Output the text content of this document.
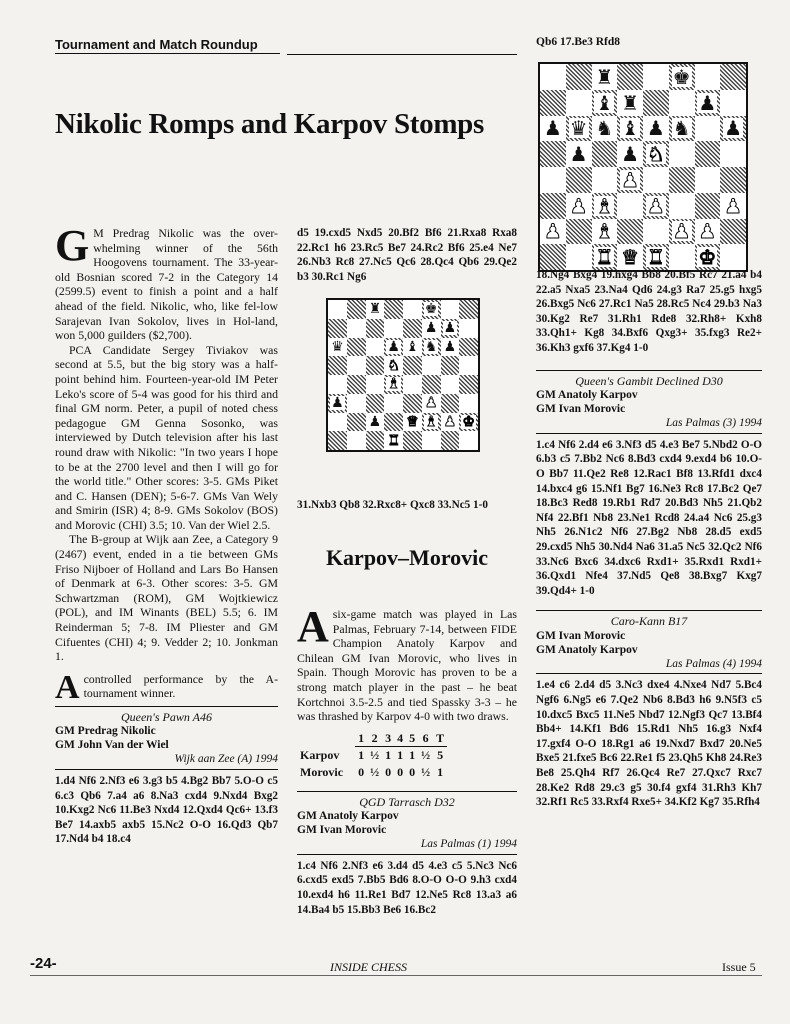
Tournament and Match Roundup	Qb6 17.Be3 Rfd8
Nikolic Romps and Karpov Stomps
G M Predrag Nikolic was the over-whelming winner of the 56th Hoogovens tournament. The 33-year-old Bosnian scored 7-2 in the Category 14 (2599.5) event to finish a point and a half ahead of the field. Nikolic, who, like fel-low Sarajevan Ivan Sokolov, lives in Hol-land, won 5,000 guilders ($2,700).

PCA Candidate Sergey Tiviakov was second at 5.5, but the big story was a half-point behind him. Fourteen-year-old IM Peter Leko's score of 5-4 was good for his third and final GM norm. Peter, a pupil of noted chess pedagogue GM Genna Sosonko, was interviewed by Dutch television after his last round draw with Nikolic: "In two years I hope to be at the 2700 level and then I will go for the world title." Other scores: 3-5. GMs Piket and C. Hansen (DEN); 5-6-7. GMs Van Wely and Smirin (ISR) 4; 8-9. GMs Sokolov (BOS) and Morovic (CHI) 3.5; 10. Van der Wiel 2.5.

The B-group at Wijk aan Zee, a Category 9 (2467) event, ended in a tie between GMs Friso Nijboer of Holland and Lars Bo Hansen of Denmark at 6-3. Other scores: 3-5. GM Schwartzman (ROM), GM Wojtkiewicz (POL), and IM Winants (BEL) 5.5; 6. IM Reinderman 5; 7-8. IM Pliester and GM Cifuentes (CHI) 4; 9. Vedder 2; 10. Jonkman 1.

A controlled performance by the A-tournament winner.

Queen's Pawn A46
GM Predrag Nikolic
GM John Van der Wiel
Wijk aan Zee (A) 1994

1.d4 Nf6 2.Nf3 e6 3.g3 b5 4.Bg2 Bb7 5.O-O c5 6.c3 Qb6 7.a4 a6 8.Na3 cxd4 9.Nxd4 Bxg2 10.Kxg2 Nc6 11.Be3 Nxd4 12.Qxd4 Qc6+ 13.f3 Be7 14.axb5 axb5 15.Nc2 O-O 16.Qd3 Qb7 17.Nd4 b4 18.c4

d5 19.cxd5 Nxd5 20.Bf2 Bf6 21.Rxa8 Rxa8 22.Rc1 h6 23.Rc5 Be7 24.Rc2 Bf6 25.e4 Ne7 26.Nb3 Rc8 27.Nc5 Qc6 28.Qc4 Qb6 29.Qe2 b3 30.Rc1 Ng6

♜	♚
♟ ♟
♛	♟ ♝ ♞ ♟
♞
♝
♟	♟
♟ ♛ ♝ ♟ ♚
♜

31.Nxb3 Qb8 32.Rxc8+ Qxc8 33.Nc5 1-0

Karpov–Morovic
A six-game match was played in Las Palmas, February 7-14, between FIDE Champion Anatoly Karpov and Chilean GM Ivan Morovic, who lives in Spain. Though Morovic has proven to be a strong match player in the past – he beat Kortchnoi 3.5-2.5 and tied Spassky 3-3 – he was thrashed by Karpov 4-0 with two draws.

	1	2	3	4	5	6	T
Karpov	1	½	1	1	1	½	5
Morovic	0	½	0	0	0	½	1
QGD Tarrasch D32
GM Anatoly Karpov
GM Ivan Morovic
Las Palmas (1) 1994

1.c4 Nf6 2.Nf3 e6 3.d4 d5 4.e3 c5 5.Nc3 Nc6 6.cxd5 exd5 7.Bb5 Bd6 8.O-O O-O 9.h3 cxd4 10.exd4 h6 11.Re1 Bd7 12.Ne5 Rc8 13.a3 a6 14.Ba4 b5 15.Bb3 Be6 16.Bc2

♜	♚
♝ ♜	♟
♟ ♛ ♞ ♝ ♟ ♞ ♟
♟ ♟ ♞
♟
♟ ♝ ♟	♟
♟ ♝	♟ ♟
♜ ♛ ♜ ♚

18.Ng4 Bxg4 19.hxg4 Bb8 20.Bf5 Rc7 21.a4 b4 22.a5 Nxa5 23.Na4 Qd6 24.g3 Ra7 25.g5 hxg5 26.Bxg5 Nc6 27.Rc1 Na5 28.Rc5 Nc4 29.b3 Na3 30.Kg2 Re7 31.Rh1 Rde8 32.Rh8+ Kxh8 33.Qh1+ Kg8 34.Bxf6 Qxg3+ 35.fxg3 Re2+ 36.Kh3 gxf6 37.Kg4 1-0

Queen's Gambit Declined D30
GM Anatoly Karpov
GM Ivan Morovic
Las Palmas (3) 1994

1.c4 Nf6 2.d4 e6 3.Nf3 d5 4.e3 Be7 5.Nbd2 O-O 6.b3 c5 7.Bb2 Nc6 8.Bd3 cxd4 9.exd4 b6 10.O-O Bb7 11.Qe2 Re8 12.Rac1 Bf8 13.Rfd1 dxc4 14.bxc4 g6 15.Nf1 Bg7 16.Ne3 Rc8 17.Bc2 Qe7 18.Bc3 Red8 19.Rb1 Rd7 20.Bd3 Nh5 21.Qb2 Nf4 22.Bf1 Nb8 23.Ne1 Rcd8 24.a4 Nc6 25.g3 Nh5 26.N1c2 Nf6 27.Bg2 Nb8 28.d5 exd5 29.cxd5 Nh5 30.Nd4 Na6 31.a5 Nc5 32.Qc2 Nf6 33.Nc6 Bxc6 34.dxc6 Rxd1+ 35.Rxd1 Rxd1+ 36.Qxd1 Nfe4 37.Nd5 Qe8 38.Bxg7 Kxg7 39.Qd4+ 1-0

Caro-Kann B17
GM Ivan Morovic
GM Anatoly Karpov
Las Palmas (4) 1994

1.e4 c6 2.d4 d5 3.Nc3 dxe4 4.Nxe4 Nd7 5.Bc4 Ngf6 6.Ng5 e6 7.Qe2 Nb6 8.Bd3 h6 9.N5f3 c5 10.dxc5 Bxc5 11.Ne5 Nbd7 12.Ngf3 Qc7 13.Bf4 Bb4+ 14.Kf1 Bd6 15.Rd1 Nh5 16.g3 Nxf4 17.gxf4 O-O 18.Rg1 a6 19.Nxd7 Bxd7 20.Ne5 Bxe5 21.fxe5 Bc6 22.Re1 f5 23.Qh5 Kh8 24.Re3 Be8 25.Qh4 Rf7 26.Qc4 Re7 27.Qxc7 Rxc7 28.Ke2 Rd8 29.c3 g5 30.f4 gxf4 31.Rh3 Kh7 32.Rf1 Rc5 33.Rxf4 Rxe5+ 34.Kf2 Kg7 35.Rfh4

-24-	INSIDE CHESS	Issue 5
